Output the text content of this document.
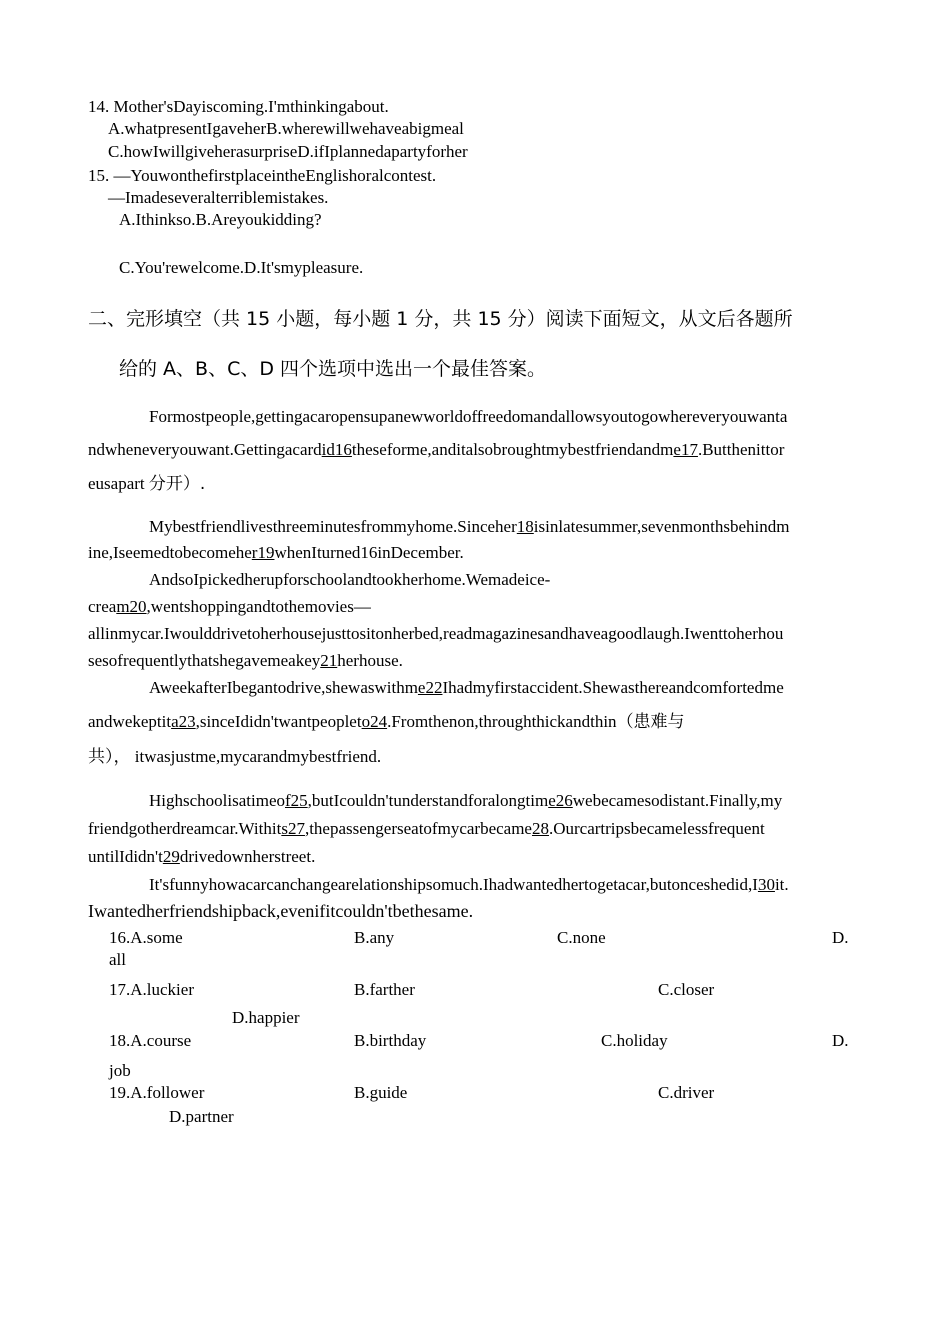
14. Mother'sDayiscoming.I'mthinkingabout.
A.whatpresentIgaveherB.wherewillwehaveabigmeal
C.howIwillgiveherasurpriseD.ifIplannedapartyforher
15. —YouwonthefirstplaceintheEnglishoralcontest.
—Imadeseveralterriblemistakes.
A.Ithinkso.B.Areyoukidding?
C.You'rewelcome.D.It'smypleasure.
二、完形填空（共 15 小题，每小题 1 分，共 15 分）阅读下面短文，从文后各题所
给的 A、B、C、D 四个选项中选出一个最佳答案。
Formostpeople,gettingacaropensupanewworldoffreedomandallowsyoutogowhereveryouwanta
ndwheneveryouwant.Gettingacardid16theseforme,anditalsobroughtmybestfriendandme17.Butthenittor
eusapart 分开）.
Mybestfriendlivesthreeminutesfrommyhome.Sinceher18isinlatesummer,sevenmonthsbehindm
ine,Iseemedtobecomeher19whenIturned16inDecember.
AndsoIpickedherupforschoolandtookherhome.Wemadeice-
cream20,wentshoppingandtothemovies—
allinmycar.Iwoulddrivetoherhousejusttositonherbed,readmagazinesandhaveagoodlaugh.Iwenttoherhou
sesofrequentlythatshegavemeakey21herhouse.
AweekafterIbegantodrive,shewaswithme22Ihadmyfirstaccident.Shewasthereandcomfortedme
andwekeptita23,sinceIdidn'twantpeopleto24.Fromthenon,throughthickandthin（患难与
共）， itwasjustme,mycarandmybestfriend.
Highschoolisatimeof25,butIcouldn'tunderstandforalongtime26webecamesodistant.Finally,my
friendgotherdreamcar.Withits27,thepassengerseatofmycarbecame28.Ourcartripsbecamelessfrequent
untilIdidn't29drivedownherstreet.
It'sfunnyhowacarcanchangearelationshipsomuch.Ihadwantedhertogetacar,butonceshedid,I30it.
Iwantedherfriendshipback,evenifitcouldn'tbethesame.
16.A.some	B.any	C.none	D.
all
17.A.luckier	B.farther	C.closer
D.happier
18.A.course	B.birthday	C.holiday	D.
job
19.A.follower	B.guide	C.driver
D.partner
